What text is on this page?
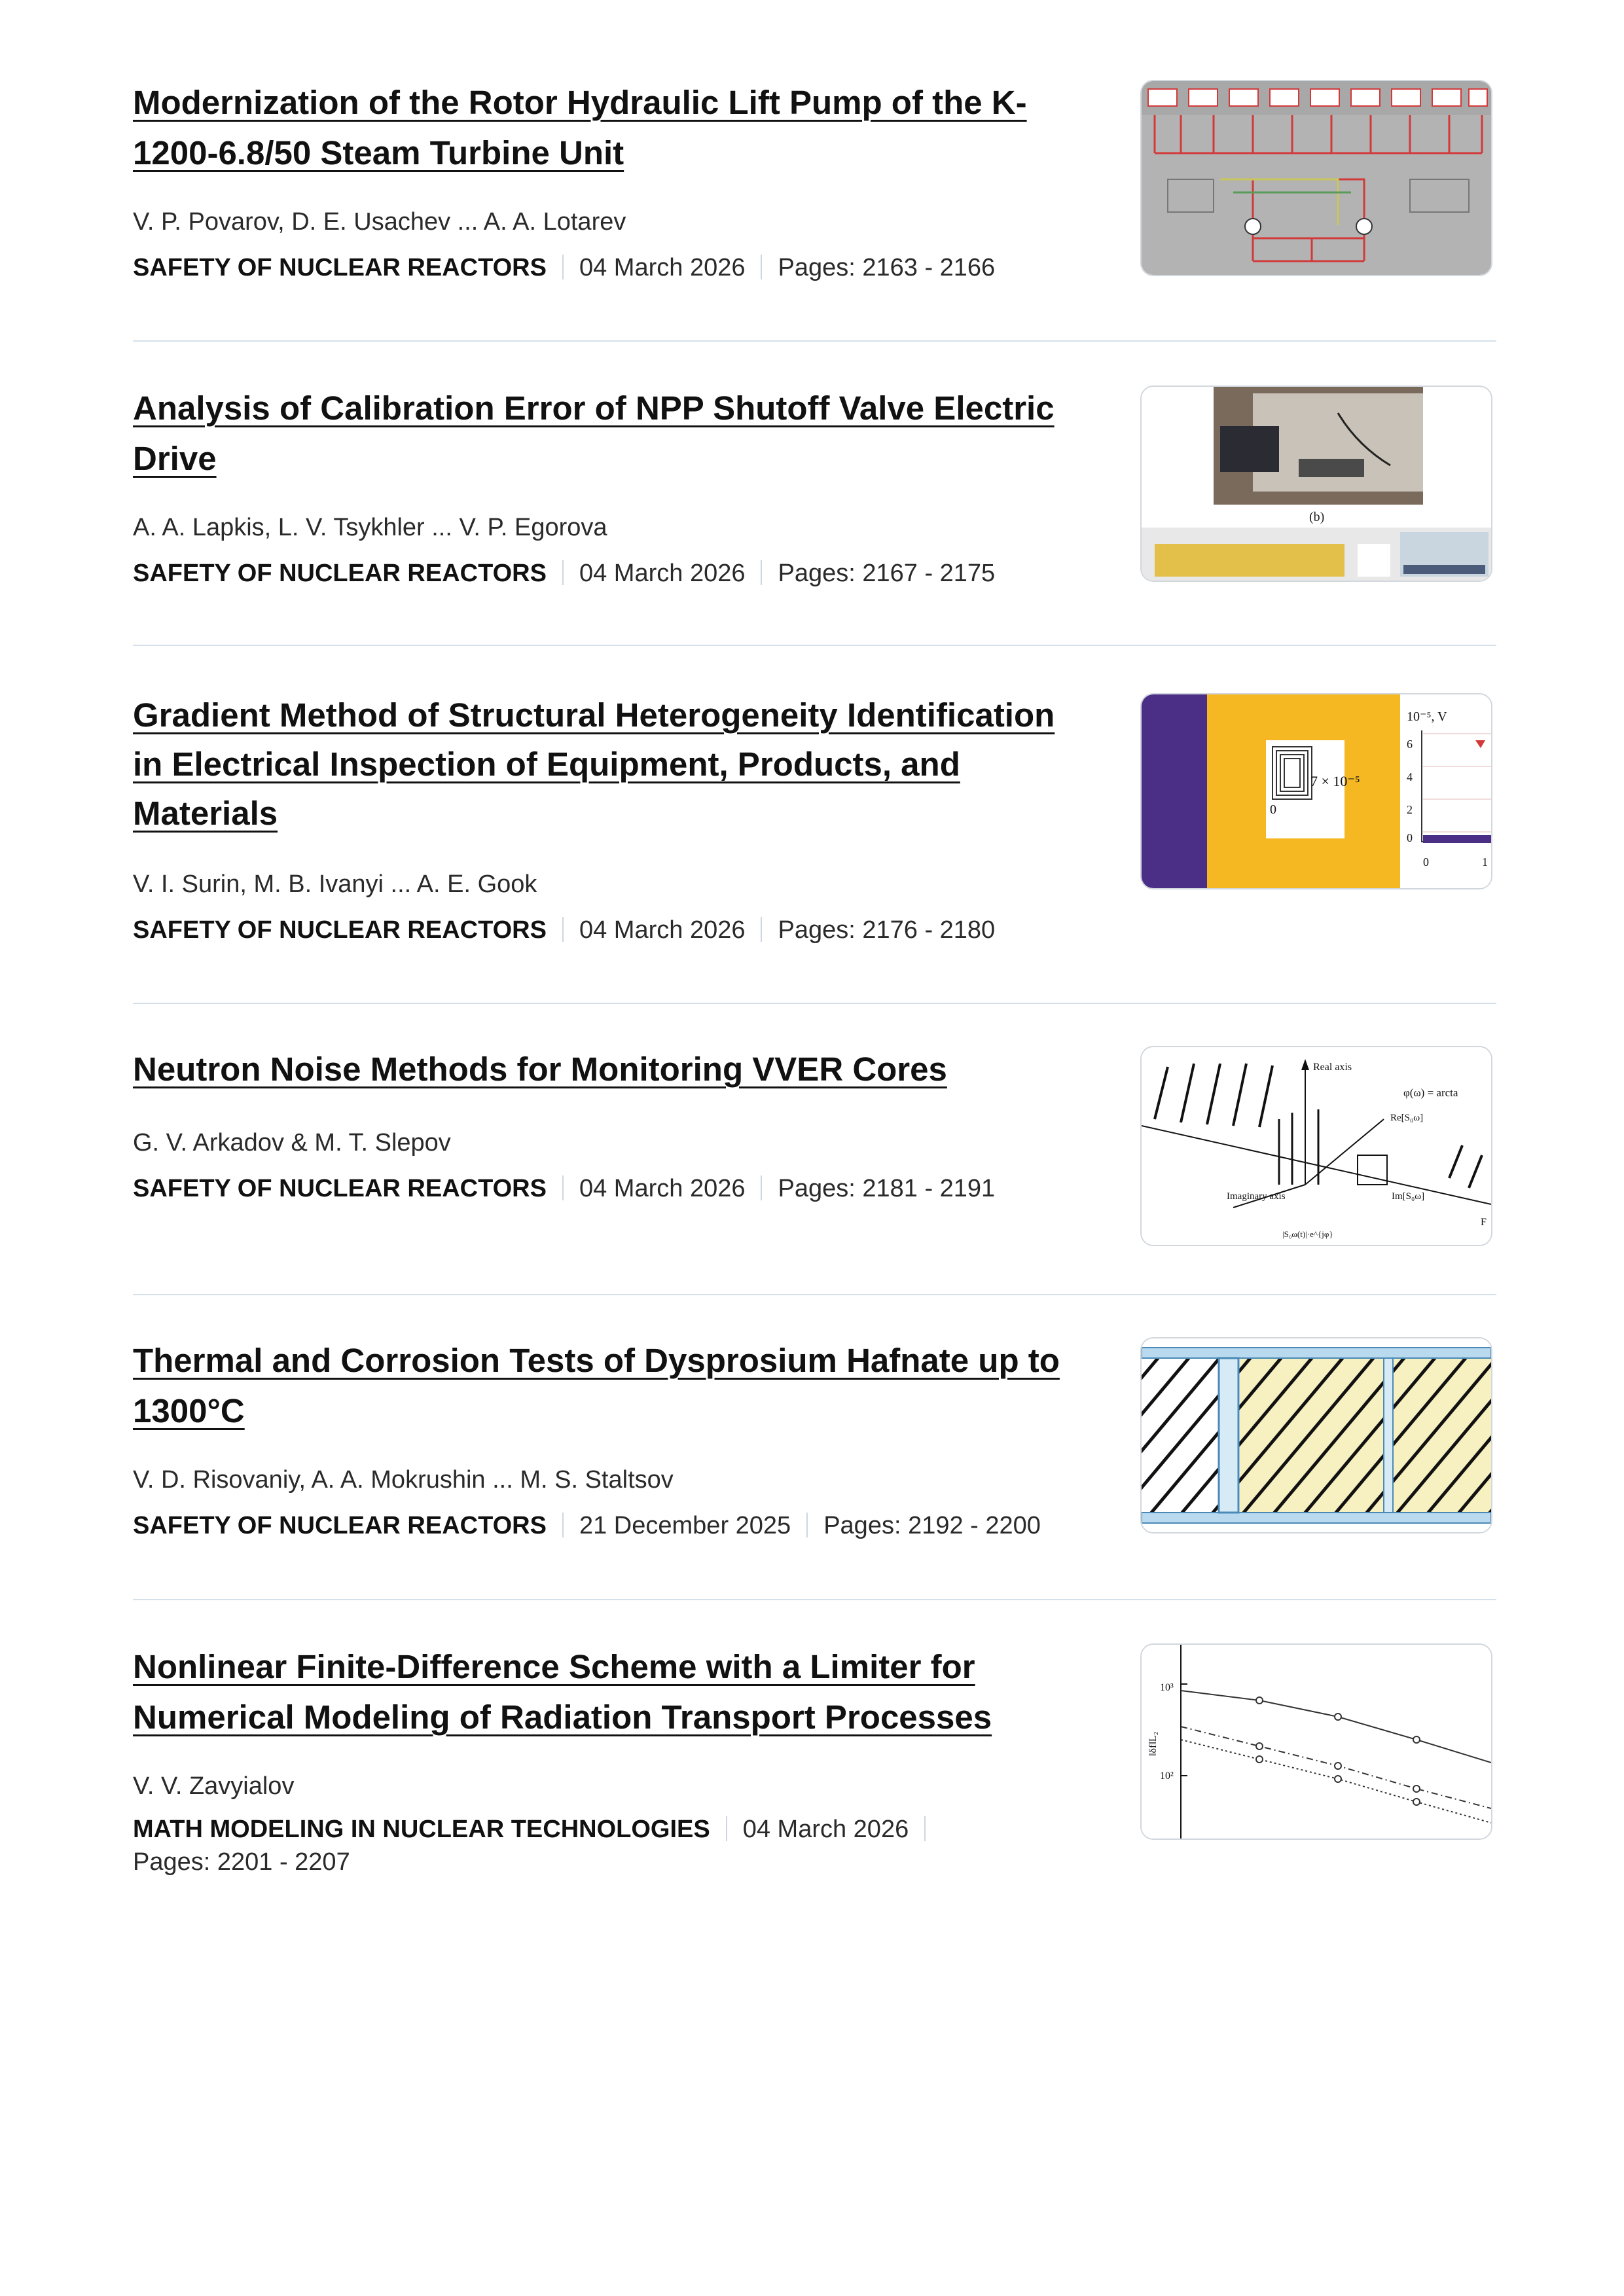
Modernization of the Rotor Hydraulic Lift Pump of the K-1200-6.8/50 Steam Turbine Unit
V. P. Povarov, D. E. Usachev ... A. A. Lotarev
SAFETY OF NUCLEAR REACTORS 04 March 2026 Pages: 2163 - 2166
Analysis of Calibration Error of NPP Shutoff Valve Electric Drive
A. A. Lapkis, L. V. Tsykhler ... V. P. Egorova
SAFETY OF NUCLEAR REACTORS 04 March 2026 Pages: 2167 - 2175
(b)
Gradient Method of Structural Heterogeneity Identification in Electrical Inspection of Equipment, Products, and Materials
V. I. Surin, M. B. Ivanyi ... A. E. Gook
SAFETY OF NUCLEAR REACTORS 04 March 2026 Pages: 2176 - 2180
7 × 10⁻⁵
0
10⁻⁵, V
6
4
2
0
0	1
Neutron Noise Methods for Monitoring VVER Cores
G. V. Arkadov & M. T. Slepov
SAFETY OF NUCLEAR REACTORS 04 March 2026 Pages: 2181 - 2191
Real axis
φ(ω) = arcta
Re[S₀ω]
Imaginary axis	Im[S₀ω]
|S₀ω(t)|·e^{jφ}
F
Thermal and Corrosion Tests of Dysprosium Hafnate up to 1300°C
V. D. Risovaniy, A. A. Mokrushin ... M. S. Staltsov
SAFETY OF NUCLEAR REACTORS 21 December 2025 Pages: 2192 - 2200
Nonlinear Finite-Difference Scheme with a Limiter for Numerical Modeling of Radiation Transport Processes
V. V. Zavyialov
MATH MODELING IN NUCLEAR TECHNOLOGIES 04 March 2026
Pages: 2201 - 2207
10³
10²
‖δf‖L₂
